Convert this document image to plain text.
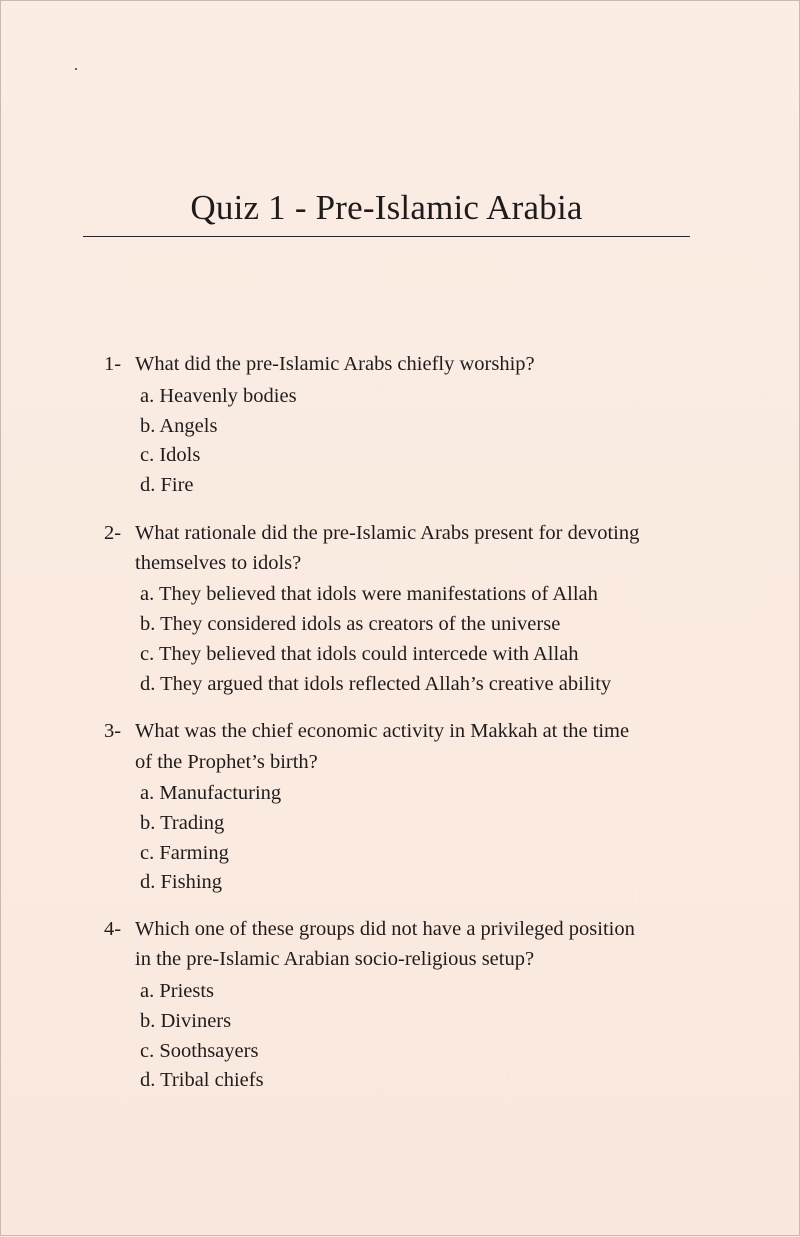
Quiz 1 - Pre-Islamic Arabia
1- What did the pre-Islamic Arabs chiefly worship?
a. Heavenly bodies
b. Angels
c. Idols
d. Fire
2- What rationale did the pre-Islamic Arabs present for devoting
themselves to idols?
a. They believed that idols were manifestations of Allah
b. They considered idols as creators of the universe
c. They believed that idols could intercede with Allah
d. They argued that idols reflected Allah’s creative ability
3- What was the chief economic activity in Makkah at the time
of the Prophet’s birth?
a. Manufacturing
b. Trading
c. Farming
d. Fishing
4- Which one of these groups did not have a privileged position
in the pre-Islamic Arabian socio-religious setup?
a. Priests
b. Diviners
c. Soothsayers
d. Tribal chiefs
